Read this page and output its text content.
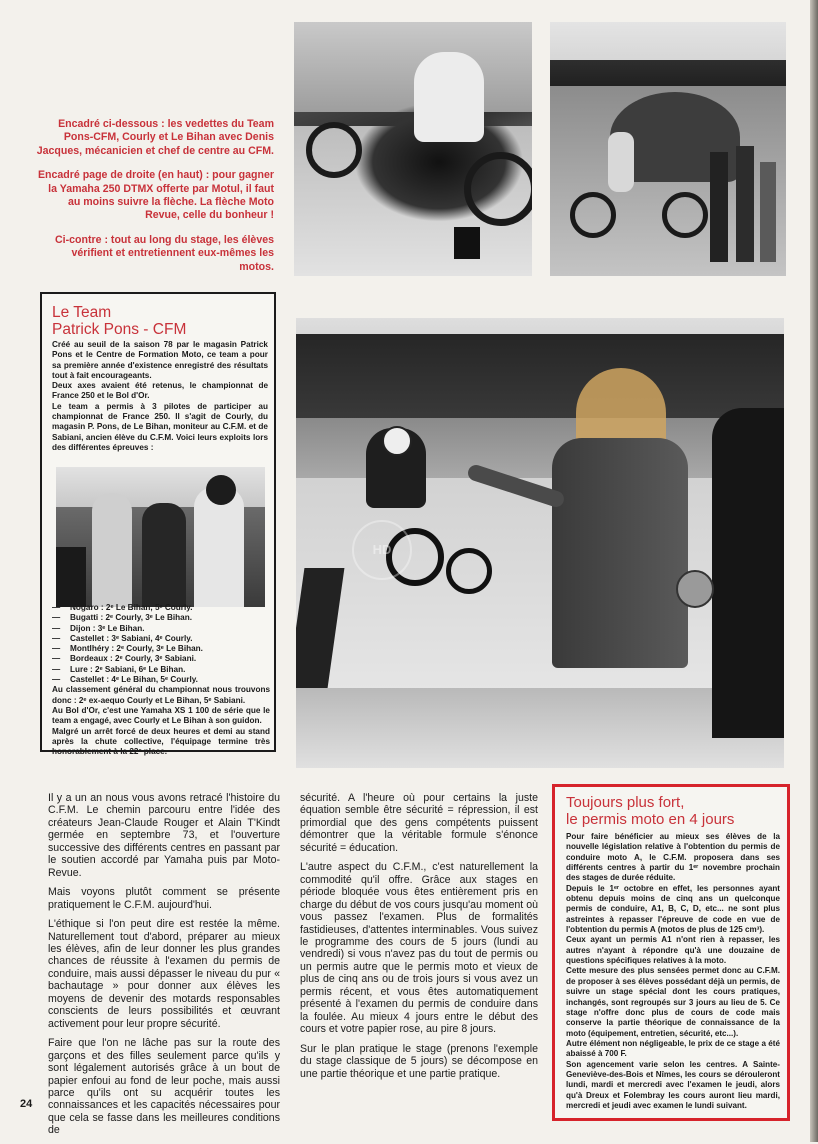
Encadré ci-dessous : les vedettes du Team Pons-CFM, Courly et Le Bihan avec Denis Jacques, mécanicien et chef de centre au CFM.

Encadré page de droite (en haut) : pour gagner la Yamaha 250 DTMX offerte par Motul, il faut au moins suivre la flèche. La flèche Moto Revue, celle du bonheur !

Ci-contre : tout au long du stage, les élèves vérifient et entretiennent eux-mêmes les motos.

HD
Le Team
Patrick Pons - CFM

Créé au seuil de la saison 78 par le magasin Patrick Pons et le Centre de Formation Moto, ce team a pour sa première année d'existence enregistré des résultats tout à fait encourageants.

Deux axes avaient été retenus, le championnat de France 250 et le Bol d'Or.

Le team a permis à 3 pilotes de participer au championnat de France 250. Il s'agit de Courly, du magasin P. Pons, de Le Bihan, moniteur au C.F.M. et de Sabiani, ancien élève du C.F.M. Voici leurs exploits lors des différentes épreuves :

— Nogaro : 2ᵉ Le Bihan, 5ᵉ Courly.
— Bugatti : 2ᵉ Courly, 3ᵉ Le Bihan.
— Dijon : 3ᵉ Le Bihan.
— Castellet : 3ᵉ Sabiani, 4ᵉ Courly.
— Montlhéry : 2ᵉ Courly, 3ᵉ Le Bihan.
— Bordeaux : 2ᵉ Courly, 3ᵉ Sabiani.
— Lure : 2ᵉ Sabiani, 6ᵉ Le Bihan.
— Castellet : 4ᵉ Le Bihan, 5ᵉ Courly.

Au classement général du championnat nous trouvons donc : 2ᵉ ex-aequo Courly et Le Bihan, 5ᵉ Sabiani.

Au Bol d'Or, c'est une Yamaha XS 1 100 de série que le team a engagé, avec Courly et Le Bihan à son guidon.

Malgré un arrêt forcé de deux heures et demi au stand après la chute collective, l'équipage termine très honorablement à la 22ᵉ place.

Il y a un an nous vous avons retracé l'histoire du C.F.M. Le chemin parcouru entre l'idée des créateurs Jean-Claude Rouger et Alain T'Kindt germée en septembre 73, et l'ouverture successive des différents centres en passant par le soutien accordé par Yamaha puis par Moto-Revue.

Mais voyons plutôt comment se présente pratiquement le C.F.M. aujourd'hui.

L'éthique si l'on peut dire est restée la même. Naturellement tout d'abord, préparer au mieux les élèves, afin de leur donner les plus grandes chances de réussite à l'examen du permis de conduire, mais aussi dépasser le niveau du pur « bachautage » pour donner aux élèves les moyens de devenir des motards responsables conscients de leurs possibilités et œuvrant activement pour leur propre sécurité.

Faire que l'on ne lâche pas sur la route des garçons et des filles seulement parce qu'ils y sont légalement autorisés grâce à un bout de papier enfoui au fond de leur poche, mais aussi parce qu'ils ont su acquérir toutes les connaissances et les capacités nécessaires pour que cela se fasse dans les meilleures conditions de

sécurité. A l'heure où pour certains la juste équation semble être sécurité = répression, il est primordial que des gens compétents puissent démontrer que la véritable formule s'énonce sécurité = éducation.

L'autre aspect du C.F.M., c'est naturellement la commodité qu'il offre. Grâce aux stages en période bloquée vous êtes entièrement pris en charge du début de vos cours jusqu'au moment où vous passez l'examen. Plus de formalités fastidieuses, d'attentes interminables. Vous suivez le programme des cours de 5 jours (lundi au vendredi) si vous n'avez pas du tout de permis ou un permis autre que le permis moto et vieux de plus de cinq ans ou de trois jours si vous avez un permis récent, et vous êtes automatiquement présenté à l'examen du permis de conduire dans la foulée. Au mieux 4 jours entre le début des cours et votre papier rose, au pire 8 jours.

Sur le plan pratique le stage (prenons l'exemple du stage classique de 5 jours) se décompose en une partie théorique et une partie pratique.

Toujours plus fort,
le permis moto en 4 jours

Pour faire bénéficier au mieux ses élèves de la nouvelle législation relative à l'obtention du permis de conduire moto A, le C.F.M. proposera dans ses différents centres à partir du 1ᵉʳ novembre prochain des stages de durée réduite.

Depuis le 1ᵉʳ octobre en effet, les personnes ayant obtenu depuis moins de cinq ans un quelconque permis de conduire, A1, B, C, D, etc... ne sont plus astreintes à repasser l'épreuve de code en vue de l'obtention du permis A (motos de plus de 125 cm³).

Ceux ayant un permis A1 n'ont rien à repasser, les autres n'ayant à répondre qu'à une douzaine de questions spécifiques relatives à la moto.

Cette mesure des plus sensées permet donc au C.F.M. de proposer à ses élèves possédant déjà un permis, de suivre un stage spécial dont les cours pratiques, inchangés, sont regroupés sur 3 jours au lieu de 5. Ce stage n'offre donc plus de cours de code mais conserve la partie théorique de connaissance de la moto (équipement, entretien, sécurité, etc...).

Autre élément non négligeable, le prix de ce stage a été abaissé à 700 F.

Son agencement varie selon les centres. A Sainte-Geneviève-des-Bois et Nîmes, les cours se dérouleront lundi, mardi et mercredi avec l'examen le jeudi, alors qu'à Dreux et Folembray les cours auront lieu mardi, mercredi et jeudi avec examen le lundi suivant.

24
